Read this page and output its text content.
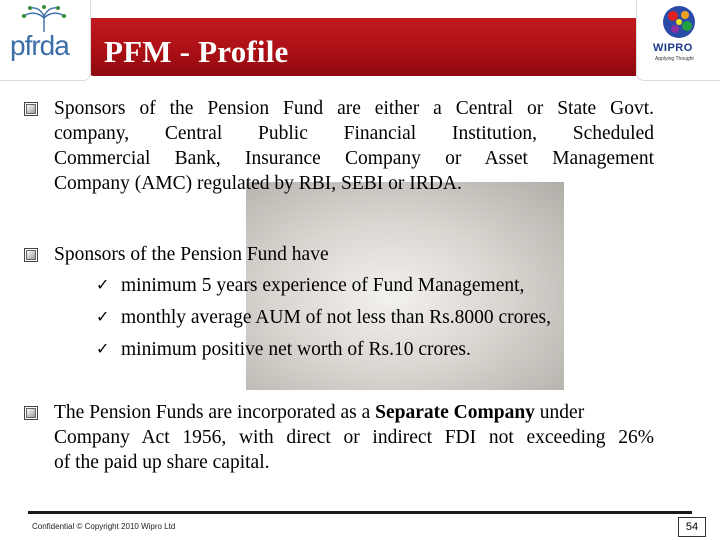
PFM - Profile
pfrda	WIPRO
Applying Thought
Sponsors of the Pension Fund are either a Central or State Govt.
company, Central Public Financial Institution, Scheduled
Commercial Bank, Insurance Company or Asset Management
Company (AMC) regulated by RBI, SEBI or IRDA.
Sponsors of the Pension Fund have
✓ minimum 5 years experience of Fund Management,
✓ monthly average AUM of not less than Rs.8000 crores,
✓ minimum positive net worth of Rs.10 crores.
The Pension Funds are incorporated as a Separate Company under
Company Act 1956, with direct or indirect FDI not exceeding 26%
of the paid up share capital.
Confidential © Copyright 2010 Wipro Ltd	54
